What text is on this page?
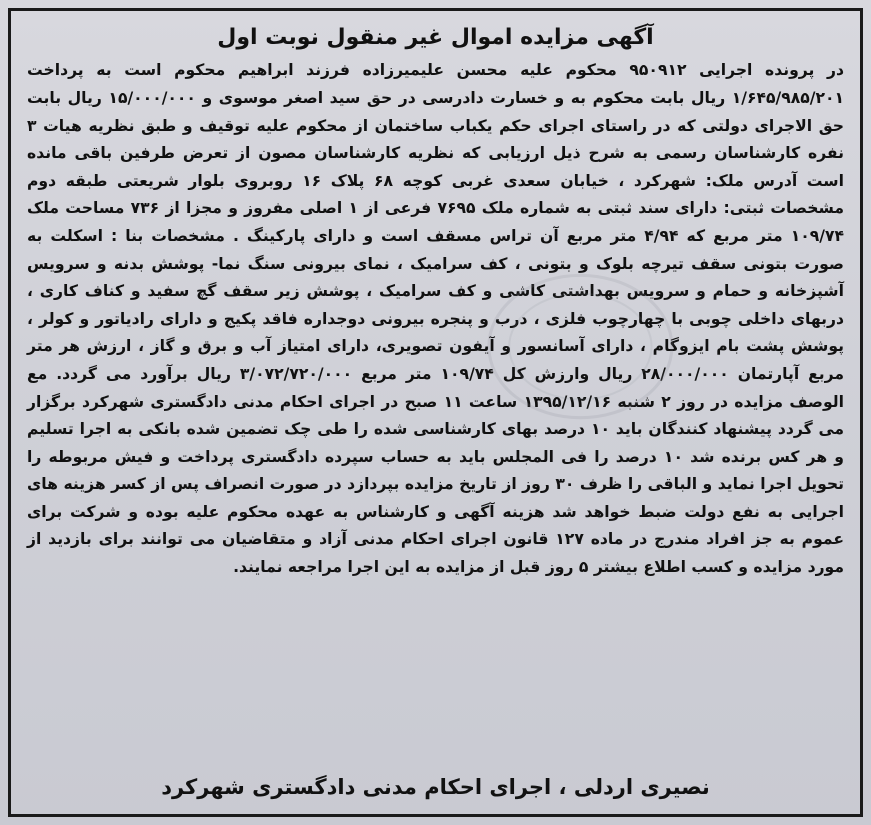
آگهی مزایده اموال غیر منقول نوبت اول

در پرونده اجرایی ۹۵۰۹۱۲ محکوم علیه محسن علیمیرزاده فرزند ابراهیم محکوم است به پرداخت ۱/۶۴۵/۹۸۵/۲۰۱ ریال بابت محکوم به و خسارت دادرسی در حق سید اصغر موسوی و ۱۵/۰۰۰/۰۰۰ ریال بابت حق الاجرای دولتی که در راستای اجرای حکم یکباب ساختمان از محکوم علیه توقیف و طبق نظریه هیات ۳ نفره کارشناسان رسمی به شرح ذیل ارزیابی که نظریه کارشناسان مصون از تعرض طرفین باقی مانده است آدرس ملک: شهرکرد ، خیابان سعدی غربی کوچه ۶۸ پلاک ۱۶ روبروی بلوار شریعتی طبقه دوم مشخصات ثبتی: دارای سند ثبتی به شماره ملک ۷۶۹۵ فرعی از ۱ اصلی مفروز و مجزا از ۷۳۶ مساحت ملک ۱۰۹/۷۴ متر مربع که ۴/۹۴ متر مربع آن تراس مسقف است و دارای پارکینگ . مشخصات بنا : اسکلت به صورت بتونی سقف تیرچه بلوک و بتونی ، کف سرامیک ، نمای بیرونی سنگ نما- پوشش بدنه و سرویس آشپزخانه و حمام و سرویس بهداشتی کاشی و کف سرامیک ، پوشش زیر سقف گچ سفید و کناف کاری ، دربهای داخلی چوبی با چهارچوب فلزی ، درب و پنجره بیرونی دوجداره فاقد پکیج و دارای رادیاتور و کولر ، پوشش پشت بام ایزوگام ، دارای آسانسور و آیفون تصویری، دارای امتیاز آب و برق و گاز ، ارزش هر متر مربع آپارتمان ۲۸/۰۰۰/۰۰۰ ریال وارزش کل ۱۰۹/۷۴ متر مربع ۳/۰۷۲/۷۲۰/۰۰۰ ریال برآورد می گردد. مع الوصف مزایده در روز ۲ شنبه ۱۳۹۵/۱۲/۱۶ ساعت ۱۱ صبح در اجرای احکام مدنی دادگستری شهرکرد برگزار می گردد پیشنهاد کنندگان باید ۱۰ درصد بهای کارشناسی شده را طی چک تضمین شده بانکی به اجرا تسلیم و هر کس برنده شد ۱۰ درصد را فی المجلس باید به حساب سپرده دادگستری پرداخت و فیش مربوطه را تحویل اجرا نماید و الباقی را ظرف ۳۰ روز از تاریخ مزایده بپردازد در صورت انصراف پس از کسر هزینه های اجرایی به نفع دولت ضبط خواهد شد هزینه آگهی و کارشناس به عهده محکوم علیه بوده و شرکت برای عموم به جز افراد مندرج در ماده ۱۲۷ قانون اجرای احکام مدنی آزاد و متقاضیان می توانند برای بازدید از مورد مزایده و کسب اطلاع بیشتر ۵ روز قبل از مزایده به این اجرا مراجعه نمایند.

نصیری اردلی ، اجرای احکام مدنی دادگستری شهرکرد
